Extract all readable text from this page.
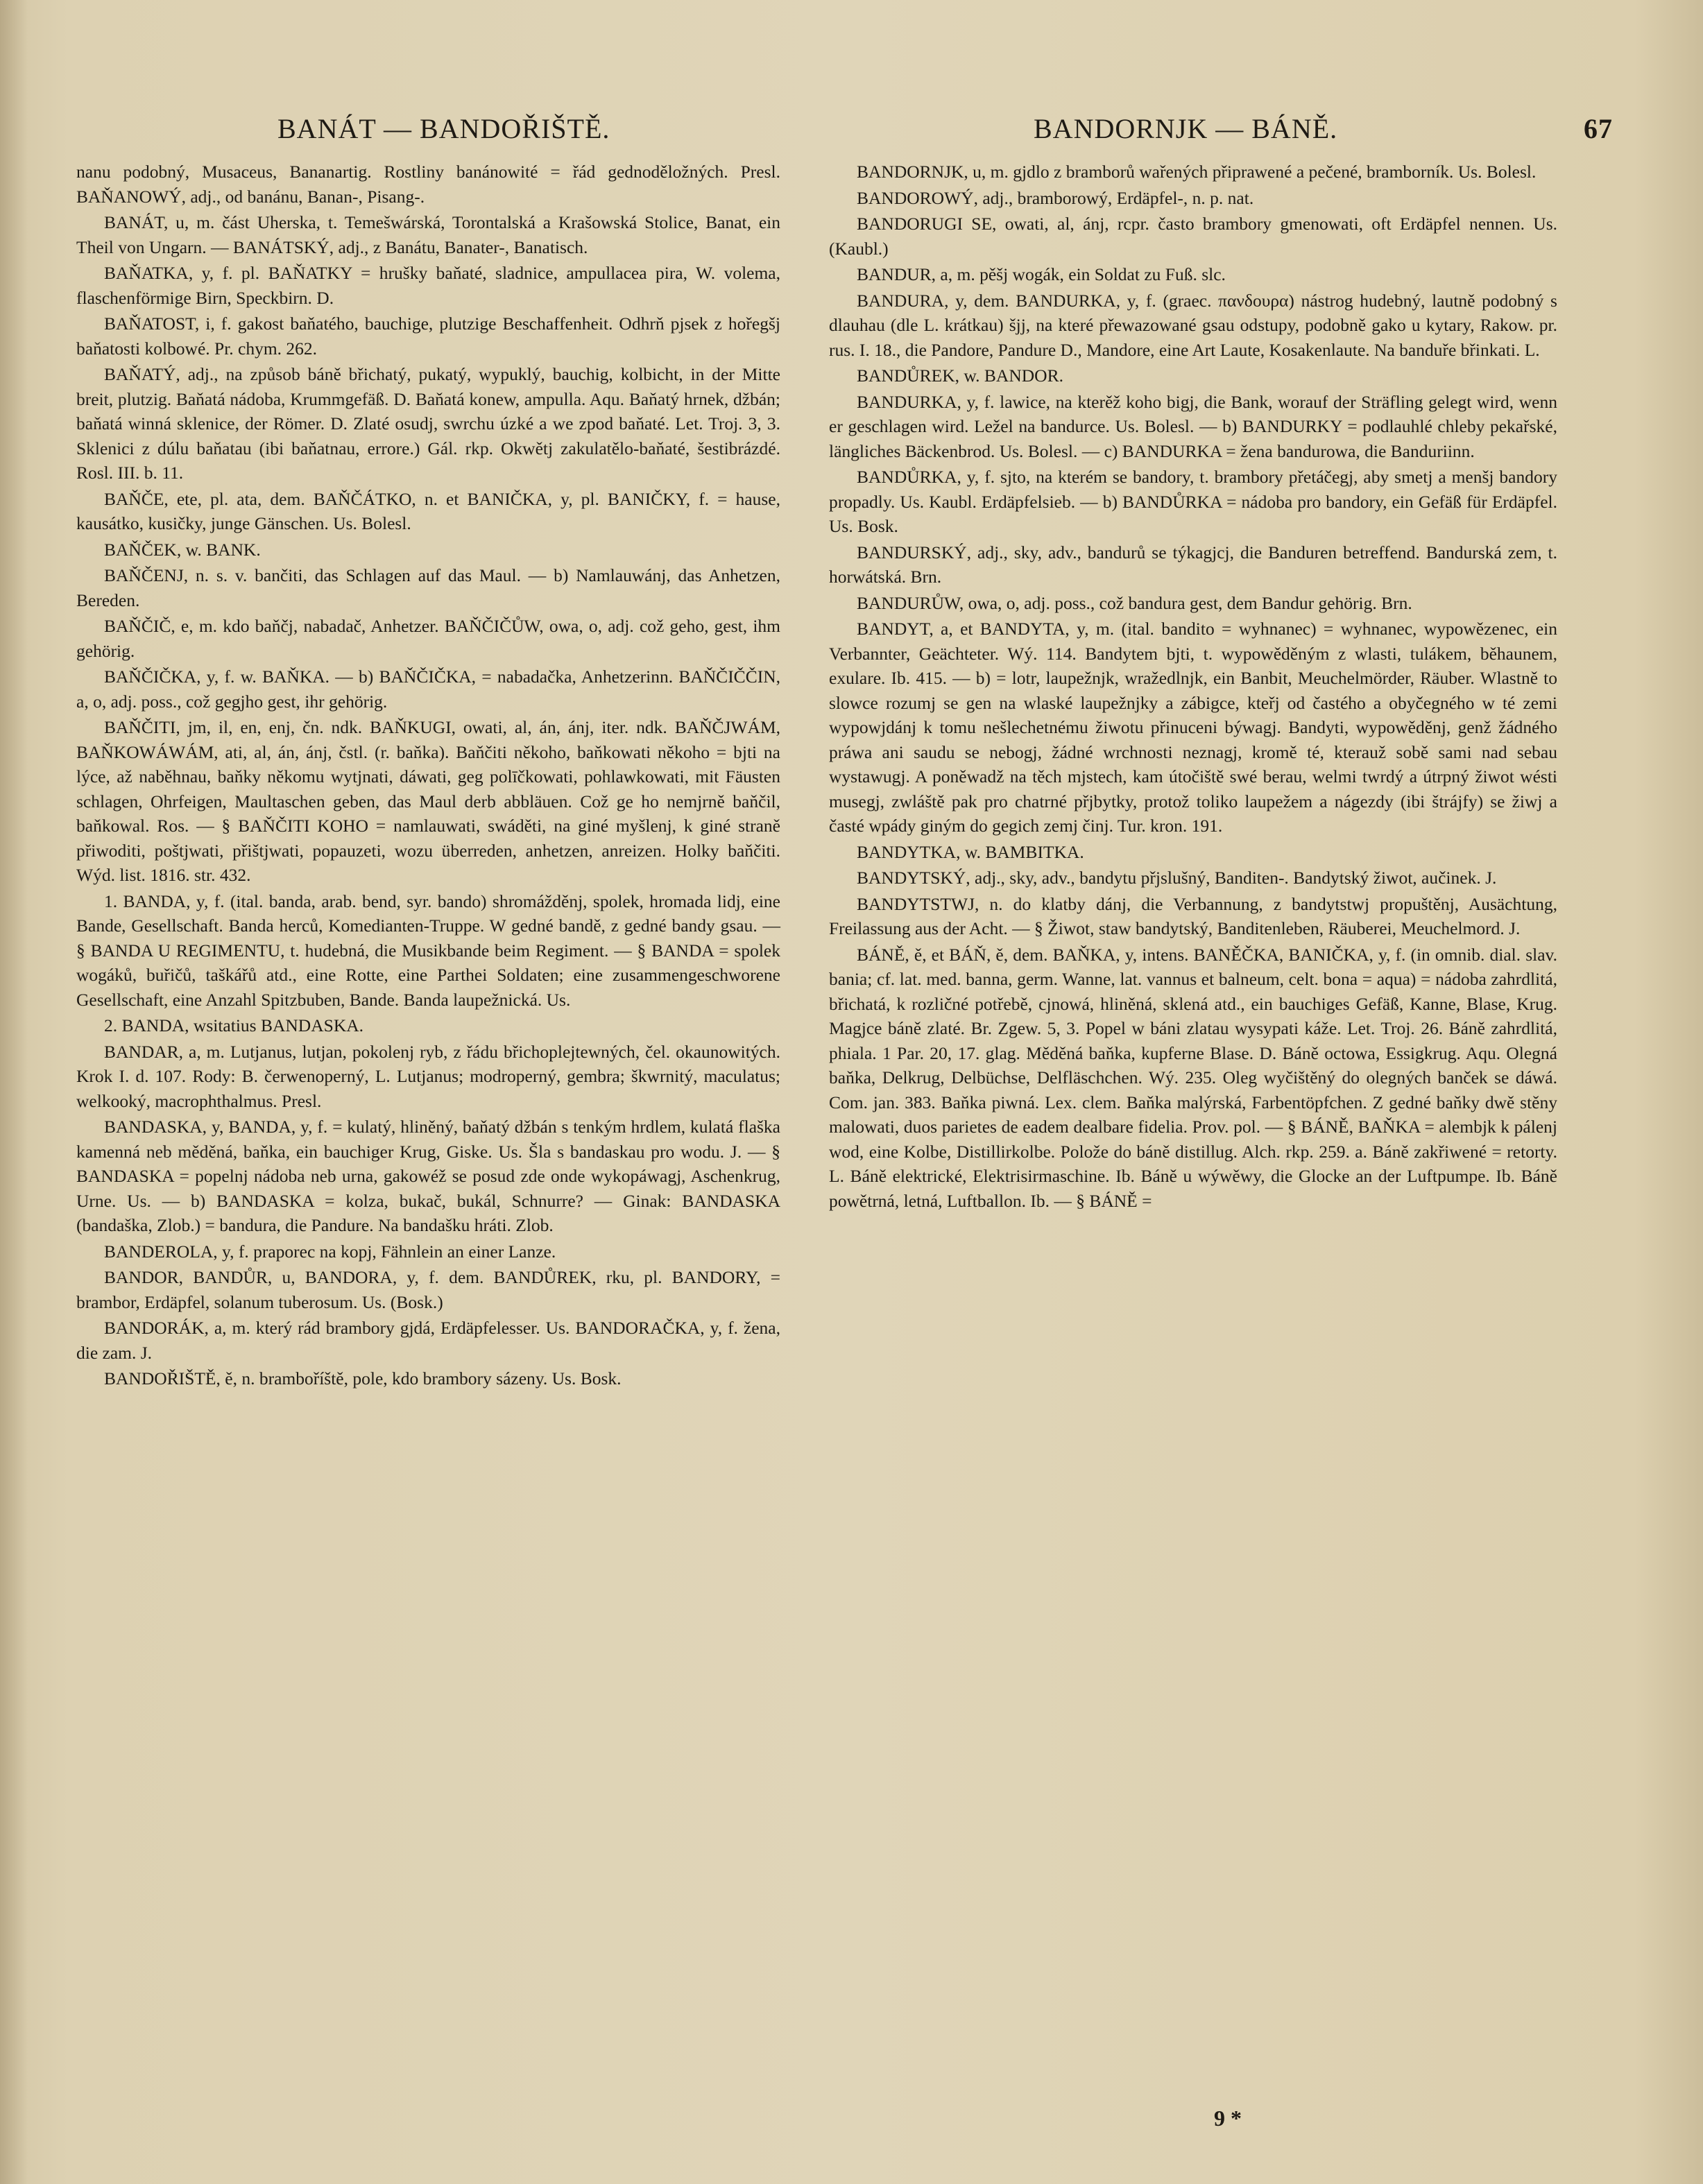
BANÁT — BANDOŘIŠTĚ.	BANDORNJK — BÁNĚ.	67

nanu podobný, Musaceus, Bananartig. Rostliny banánowité = řád gednoděložných. Presl. BAŇANOWÝ, adj., od banánu, Banan-, Pisang-.

BANÁT, u, m. část Uherska, t. Temešwárská, Torontalská a Krašowská Stolice, Banat, ein Theil von Ungarn. — BANÁTSKÝ, adj., z Banátu, Banater-, Banatisch.

BAŇATKA, y, f. pl. BAŇATKY = hrušky baňaté, sladnice, ampullacea pira, W. volema, flaschenförmige Birn, Speckbirn. D.

BAŇATOST, i, f. gakost baňatého, bauchige, plutzige Beschaffenheit. Odhrň pjsek z hořegšj baňatosti kolbowé. Pr. chym. 262.

BAŇATÝ, adj., na způsob báně břichatý, pukatý, wypuklý, bauchig, kolbicht, in der Mitte breit, plutzig. Baňatá nádoba, Krummgefäß. D. Baňatá konew, ampulla. Aqu. Baňatý hrnek, džbán; baňatá winná sklenice, der Römer. D. Zlaté osudj, swrchu úzké a we zpod baňaté. Let. Troj. 3, 3. Sklenici z dúlu baňatau (ibi baňatnau, errore.) Gál. rkp. Okwětj zakulatělo-baňaté, šestibrázdé. Rosl. III. b. 11.

BAŇČE, ete, pl. ata, dem. BAŇČÁTKO, n. et BANIČKA, y, pl. BANIČKY, f. = hause, kausátko, kusičky, junge Gänschen. Us. Bolesl.

BAŇČEK, w. BANK.

BAŇČENJ, n. s. v. bančiti, das Schlagen auf das Maul. — b) Namlauwánj, das Anhetzen, Bereden.

BAŇČIČ, e, m. kdo baňčj, nabadač, Anhetzer. BAŇČIČŮW, owa, o, adj. což geho, gest, ihm gehörig.

BAŇČIČKA, y, f. w. BAŇKA. — b) BAŇČIČKA, = nabadačka, Anhetzerinn. BAŇČIČČIN, a, o, adj. poss., což gegjho gest, ihr gehörig.

BAŇČITI, jm, il, en, enj, čn. ndk. BAŇKUGI, owati, al, án, ánj, iter. ndk. BAŇČJWÁM, BAŇKOWÁWÁM, ati, al, án, ánj, čstl. (r. baňka). Baňčiti někoho, baňkowati někoho = bjti na lýce, až naběhnau, baňky někomu wytjnati, dáwati, geg polīčkowati, pohlawkowati, mit Fäusten schlagen, Ohrfeigen, Maultaschen geben, das Maul derb abbläuen. Což ge ho nemjrně baňčil, baňkowal. Ros. — § BAŇČITI KOHO = namlauwati, swáděti, na giné myšlenj, k giné straně přiwoditi, poštjwati, přištjwati, popauzeti, wozu überreden, anhetzen, anreizen. Holky baňčiti. Wýd. list. 1816. str. 432.

1. BANDA, y, f. (ital. banda, arab. bend, syr. bando) shromážděnj, spolek, hromada lidj, eine Bande, Gesellschaft. Banda herců, Komedianten-Truppe. W gedné bandě, z gedné bandy gsau. — § BANDA U REGIMENTU, t. hudebná, die Musikbande beim Regiment. — § BANDA = spolek wogáků, buřičů, taškářů atd., eine Rotte, eine Parthei Soldaten; eine zusammengeschworene Gesellschaft, eine Anzahl Spitzbuben, Bande. Banda laupežnická. Us.

2. BANDA, wsitatius BANDASKA.

BANDAR, a, m. Lutjanus, lutjan, pokolenj ryb, z řádu břichoplejtewných, čel. okaunowitých. Krok I. d. 107. Rody: B. čerwenoperný, L. Lutjanus; modroperný, gembra; škwrnitý, maculatus; welkooký, macrophthalmus. Presl.

BANDASKA, y, BANDA, y, f. = kulatý, hliněný, baňatý džbán s tenkým hrdlem, kulatá flaška kamenná neb měděná, baňka, ein bauchiger Krug, Giske. Us. Šla s bandaskau pro wodu. J. — § BANDASKA = popelnj nádoba neb urna, gakowéž se posud zde onde wykopáwagj, Aschenkrug, Urne. Us. — b) BANDASKA = kolza, bukač, bukál, Schnurre? — Ginak: BANDASKA (bandaška, Zlob.) = bandura, die Pandure. Na bandašku hráti. Zlob.

BANDEROLA, y, f. praporec na kopj, Fähnlein an einer Lanze.

BANDOR, BANDŮR, u, BANDORA, y, f. dem. BANDŮREK, rku, pl. BANDORY, = brambor, Erdäpfel, solanum tuberosum. Us. (Bosk.)

BANDORÁK, a, m. který rád brambory gjdá, Erdäpfelesser. Us. BANDORAČKA, y, f. žena, die zam. J.

BANDOŘIŠTĚ, ě, n. bramboříště, pole, kdo brambory sázeny. Us. Bosk.

BANDORNJK, u, m. gjdlo z bramborů wařených připrawené a pečené, bramborník. Us. Bolesl.

BANDOROWÝ, adj., bramborowý, Erdäpfel-, n. p. nat.

BANDORUGI SE, owati, al, ánj, rcpr. často brambory gmenowati, oft Erdäpfel nennen. Us. (Kaubl.)

BANDUR, a, m. pěšj wogák, ein Soldat zu Fuß. slc.

BANDURA, y, dem. BANDURKA, y, f. (graec. πανδουρα) nástrog hudebný, lautně podobný s dlauhau (dle L. krátkau) šjj, na které přewazowané gsau odstupy, podobně gako u kytary, Rakow. pr. rus. I. 18., die Pandore, Pandure D., Mandore, eine Art Laute, Kosakenlaute. Na banduře břinkati. L.

BANDŮREK, w. BANDOR.

BANDURKA, y, f. lawice, na kterěž koho bigj, die Bank, worauf der Sträfling gelegt wird, wenn er geschlagen wird. Ležel na bandurce. Us. Bolesl. — b) BANDURKY = podlauhlé chleby pekařské, längliches Bäckenbrod. Us. Bolesl. — c) BANDURKA = žena bandurowa, die Banduriinn.

BANDŮRKA, y, f. sjto, na kterém se bandory, t. brambory přetáčegj, aby smetj a menšj bandory propadly. Us. Kaubl. Erdäpfelsieb. — b) BANDŮRKA = nádoba pro bandory, ein Gefäß für Erdäpfel. Us. Bosk.

BANDURSKÝ, adj., sky, adv., bandurů se týkagjcj, die Banduren betreffend. Bandurská zem, t. horwátská. Brn.

BANDURŮW, owa, o, adj. poss., což bandura gest, dem Bandur gehörig. Brn.

BANDYT, a, et BANDYTA, y, m. (ital. bandito = wyhnanec) = wyhnanec, wypowězenec, ein Verbannter, Geächteter. Wý. 114. Bandytem bjti, t. wypowěděným z wlasti, tulákem, běhaunem, exulare. Ib. 415. — b) = lotr, laupežnjk, wražedlnjk, ein Banbit, Meuchelmörder, Räuber. Wlastně to slowce rozumj se gen na wlaské laupežnjky a zábigce, kteřj od častého a obyčegného w té zemi wypowjdánj k tomu nešlechetnému žiwotu přinuceni býwagj. Bandyti, wypowěděnj, genž žádného práwa ani saudu se nebogj, žádné wrchnosti neznagj, kromě té, kterauž sobě sami nad sebau wystawugj. A poněwadž na těch mjstech, kam útočiště swé berau, welmi twrdý a útrpný žiwot wésti musegj, zwláště pak pro chatrné přjbytky, protož toliko laupežem a nágezdy (ibi štrájfy) se žiwj a časté wpády giným do gegich zemj činj. Tur. kron. 191.

BANDYTKA, w. BAMBITKA.

BANDYTSKÝ, adj., sky, adv., bandytu přjslušný, Banditen-. Bandytský žiwot, aučinek. J.

BANDYTSTWJ, n. do klatby dánj, die Verbannung, z bandytstwj propuštěnj, Ausächtung, Freilassung aus der Acht. — § Žiwot, staw bandytský, Banditenleben, Räuberei, Meuchelmord. J.

BÁNĚ, ě, et BÁŇ, ě, dem. BAŇKA, y, intens. BANĚČKA, BANIČKA, y, f. (in omnib. dial. slav. bania; cf. lat. med. banna, germ. Wanne, lat. vannus et balneum, celt. bona = aqua) = nádoba zahrdlitá, břichatá, k rozličné potřebě, cjnowá, hliněná, sklená atd., ein bauchiges Gefäß, Kanne, Blase, Krug. Magjce báně zlaté. Br. Zgew. 5, 3. Popel w báni zlatau wysypati káže. Let. Troj. 26. Báně zahrdlitá, phiala. 1 Par. 20, 17. glag. Měděná baňka, kupferne Blase. D. Báně octowa, Essigkrug. Aqu. Olegná baňka, Delkrug, Delbüchse, Delfläschchen. Wý. 235. Oleg wyčištěný do olegných banček se dáwá. Com. jan. 383. Baňka piwná. Lex. clem. Baňka malýrská, Farbentöpfchen. Z gedné baňky dwě stěny malowati, duos parietes de eadem dealbare fidelia. Prov. pol. — § BÁNĚ, BAŇKA = alembjk k pálenj wod, eine Kolbe, Distillirkolbe. Polože do báně distillug. Alch. rkp. 259. a. Báně zakřiwené = retorty. L. Báně elektrické, Elektrisirmaschine. Ib. Báně u wýwěwy, die Glocke an der Luftpumpe. Ib. Báně powětrná, letná, Luftballon. Ib. — § BÁNĚ =

9 *
